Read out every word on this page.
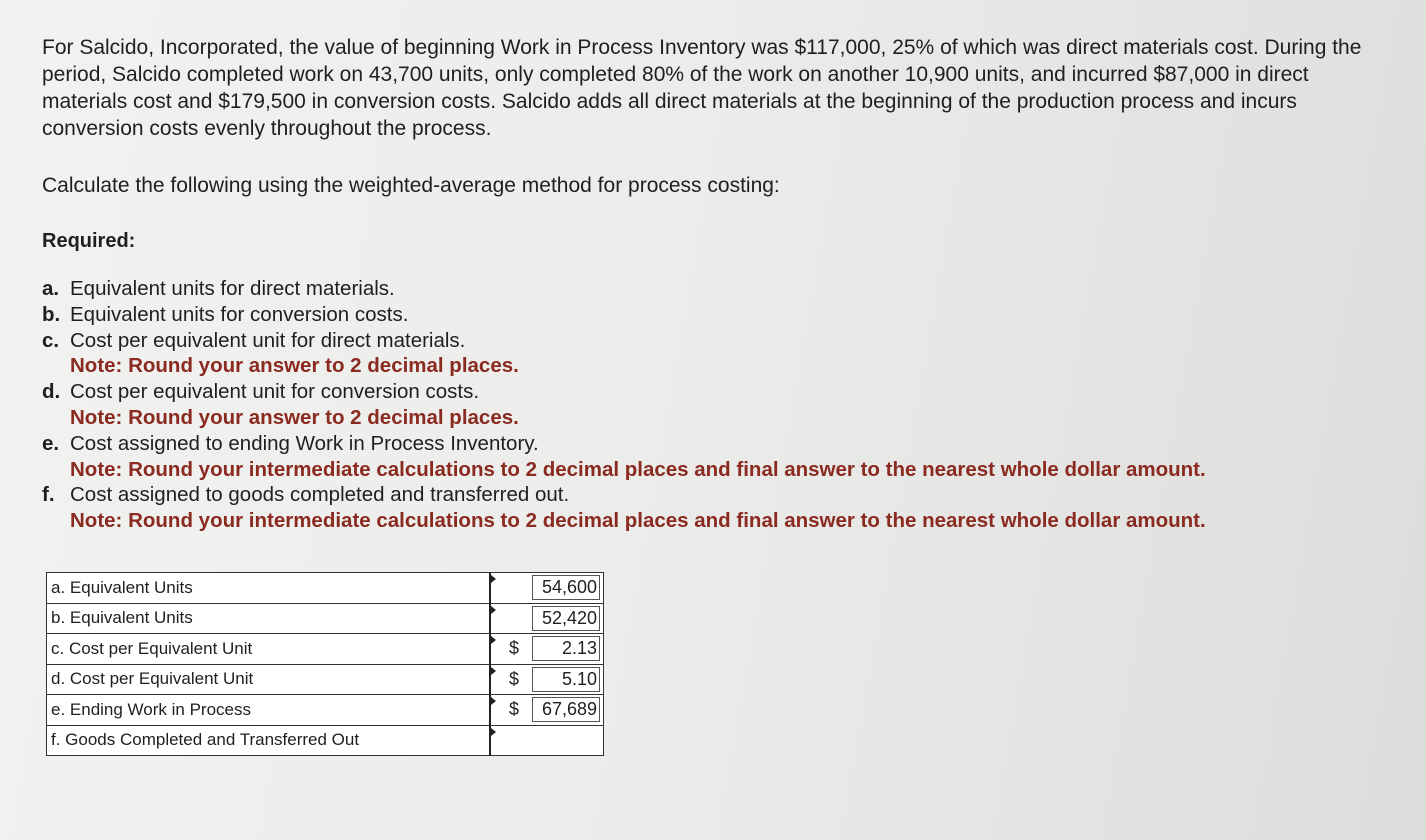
For Salcido, Incorporated, the value of beginning Work in Process Inventory was $117,000, 25% of which was direct materials cost. During the period, Salcido completed work on 43,700 units, only completed 80% of the work on another 10,900 units, and incurred $87,000 in direct materials cost and $179,500 in conversion costs. Salcido adds all direct materials at the beginning of the production process and incurs conversion costs evenly throughout the process.

Calculate the following using the weighted-average method for process costing:
Required:
a. Equivalent units for direct materials.
b. Equivalent units for conversion costs.
c. Cost per equivalent unit for direct materials.
Note: Round your answer to 2 decimal places.
d. Cost per equivalent unit for conversion costs.
Note: Round your answer to 2 decimal places.
e. Cost assigned to ending Work in Process Inventory.
Note: Round your intermediate calculations to 2 decimal places and final answer to the nearest whole dollar amount.
f. Cost assigned to goods completed and transferred out.
Note: Round your intermediate calculations to 2 decimal places and final answer to the nearest whole dollar amount.
a. Equivalent Units	54,600

b. Equivalent Units	52,420

c. Cost per Equivalent Unit	$ 2.13

d. Cost per Equivalent Unit	$ 5.10

e. Ending Work in Process	$ 67,689

f. Goods Completed and Transferred Out	
